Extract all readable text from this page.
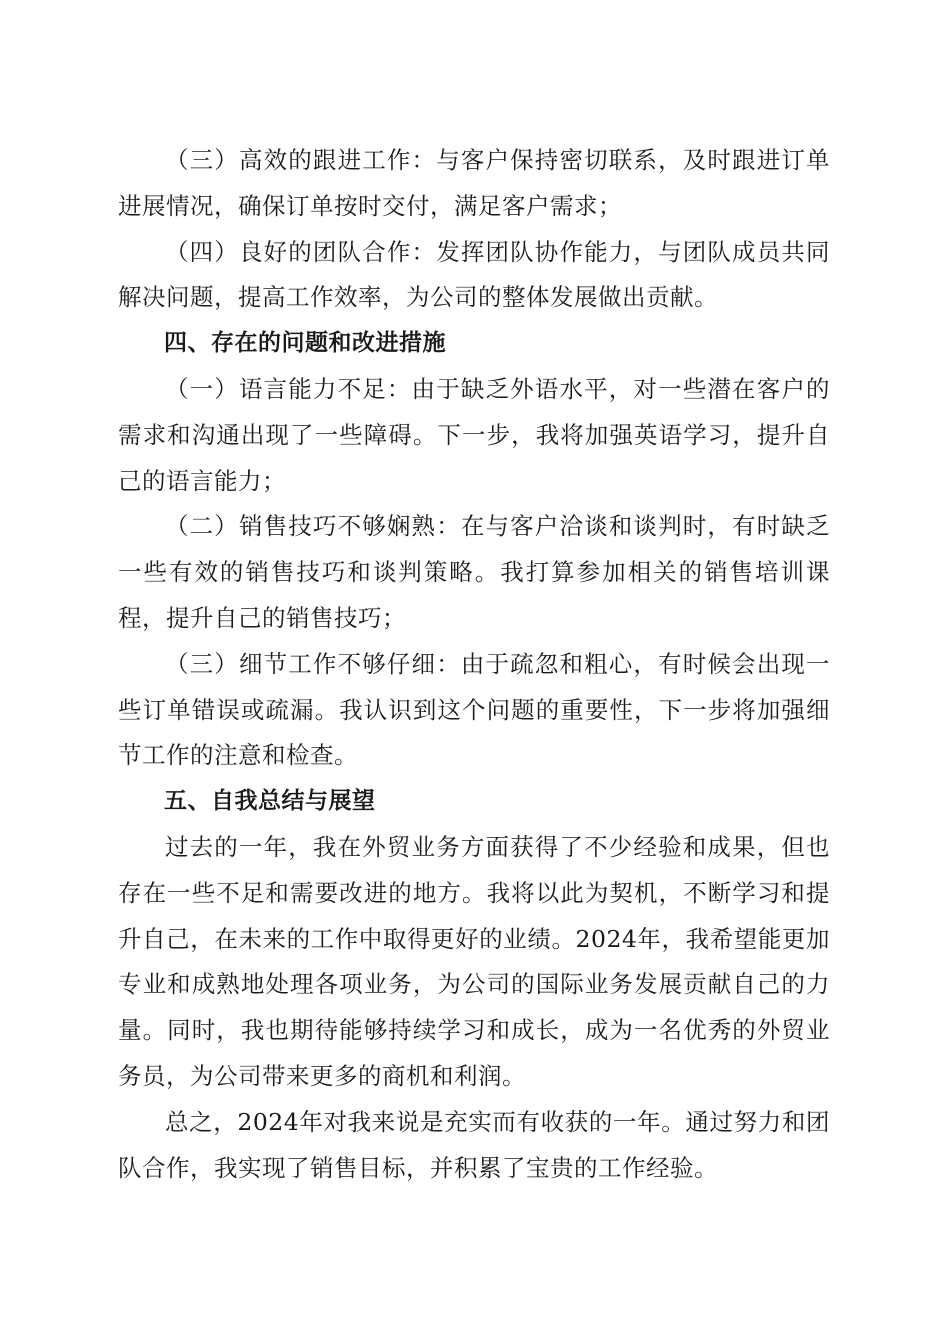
（三）高效的跟进工作：与客户保持密切联系，及时跟进订单进展情况，确保订单按时交付，满足客户需求；

（四）良好的团队合作：发挥团队协作能力，与团队成员共同解决问题，提高工作效率，为公司的整体发展做出贡献。

四、存在的问题和改进措施

（一）语言能力不足：由于缺乏外语水平，对一些潜在客户的需求和沟通出现了一些障碍。下一步，我将加强英语学习，提升自己的语言能力；

（二）销售技巧不够娴熟：在与客户洽谈和谈判时，有时缺乏一些有效的销售技巧和谈判策略。我打算参加相关的销售培训课程，提升自己的销售技巧；

（三）细节工作不够仔细：由于疏忽和粗心，有时候会出现一些订单错误或疏漏。我认识到这个问题的重要性，下一步将加强细节工作的注意和检查。

五、自我总结与展望

过去的一年，我在外贸业务方面获得了不少经验和成果，但也存在一些不足和需要改进的地方。我将以此为契机，不断学习和提升自己，在未来的工作中取得更好的业绩。2024年，我希望能更加专业和成熟地处理各项业务，为公司的国际业务发展贡献自己的力量。同时，我也期待能够持续学习和成长，成为一名优秀的外贸业务员，为公司带来更多的商机和利润。

总之，2024年对我来说是充实而有收获的一年。通过努力和团队合作，我实现了销售目标，并积累了宝贵的工作经验。
